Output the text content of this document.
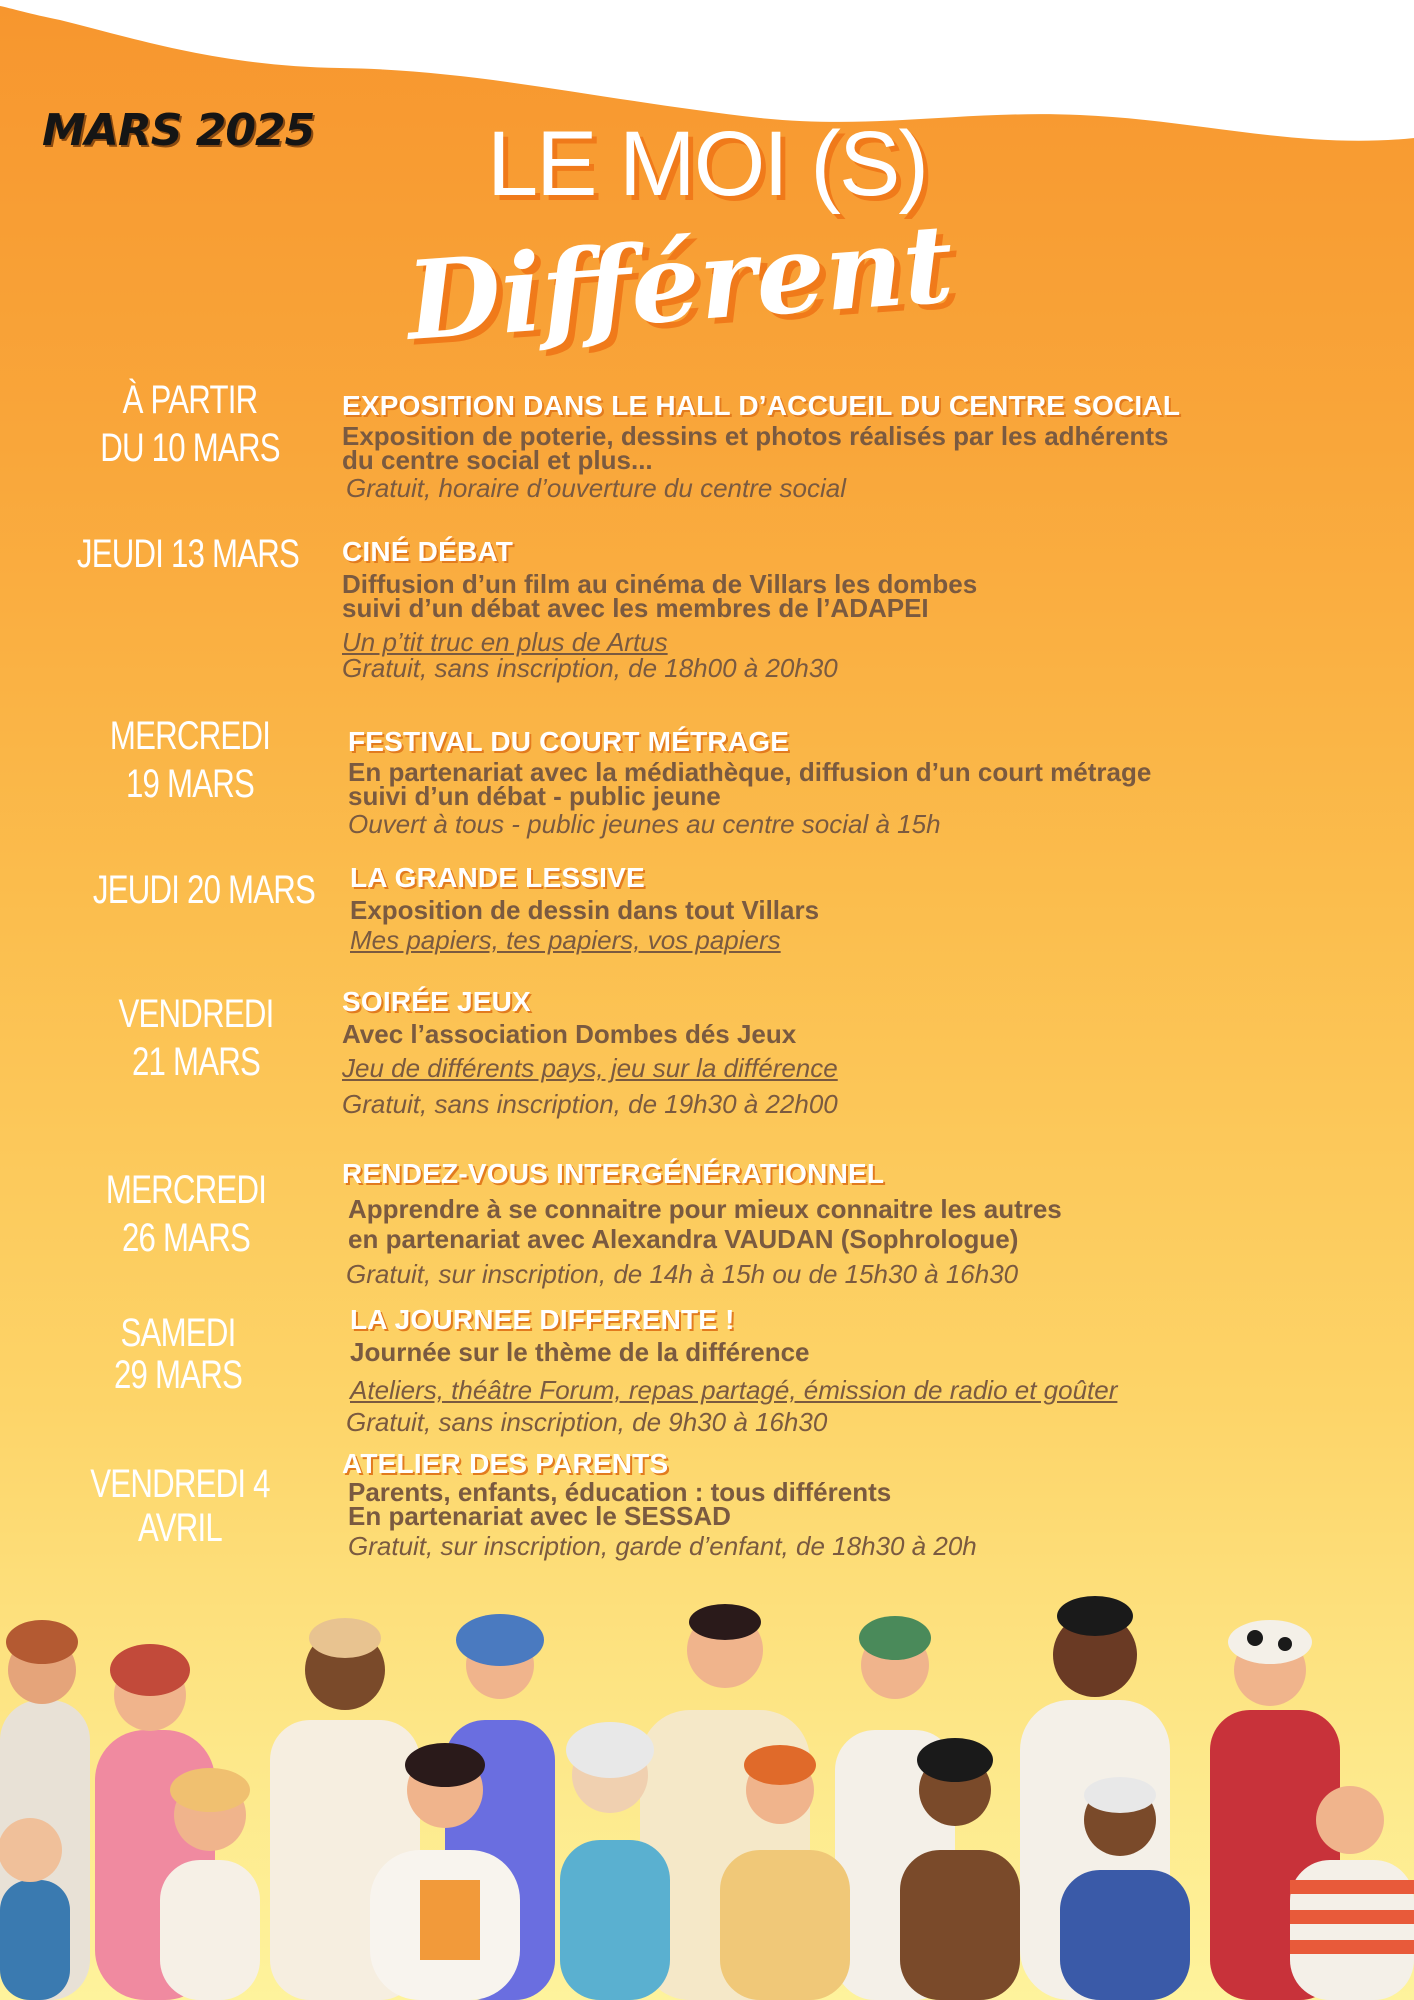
MARS 2025	LE MOI (S)
Différent
À PARTIR
DU 10 MARS
EXPOSITION DANS LE HALL D’ACCUEIL DU CENTRE SOCIAL
Exposition de poterie, dessins et photos réalisés par les adhérents
du centre social et plus...
Gratuit, horaire d’ouverture du centre social
JEUDI 13 MARS CINÉ DÉBAT
Diffusion d’un film au cinéma de Villars les dombes
suivi d’un débat avec les membres de l’ADAPEI
Un p’tit truc en plus de Artus
Gratuit, sans inscription, de 18h00 à 20h30
MERCREDI
19 MARS
FESTIVAL DU COURT MÉTRAGE
En partenariat avec la médiathèque, diffusion d’un court métrage
suivi d’un débat - public jeune
Ouvert à tous - public jeunes au centre social à 15h
JEUDI 20 MARS LA GRANDE LESSIVE
Exposition de dessin dans tout Villars
Mes papiers, tes papiers, vos papiers
VENDREDI
21 MARS
SOIRÉE JEUX
Avec l’association Dombes dés Jeux
Jeu de différents pays, jeu sur la différence
Gratuit, sans inscription, de 19h30 à 22h00
MERCREDI
26 MARS
RENDEZ-VOUS INTERGÉNÉRATIONNEL
Apprendre à se connaitre pour mieux connaitre les autres
en partenariat avec Alexandra VAUDAN (Sophrologue)
Gratuit, sur inscription, de 14h à 15h ou de 15h30 à 16h30
SAMEDI
29 MARS
LA JOURNEE DIFFERENTE !
Journée sur le thème de la différence
Ateliers, théâtre Forum, repas partagé, émission de radio et goûter
Gratuit, sans inscription, de 9h30 à 16h30
VENDREDI 4
AVRIL
ATELIER DES PARENTS
Parents, enfants, éducation : tous différents
En partenariat avec le SESSAD
Gratuit, sur inscription, garde d’enfant, de 18h30 à 20h
